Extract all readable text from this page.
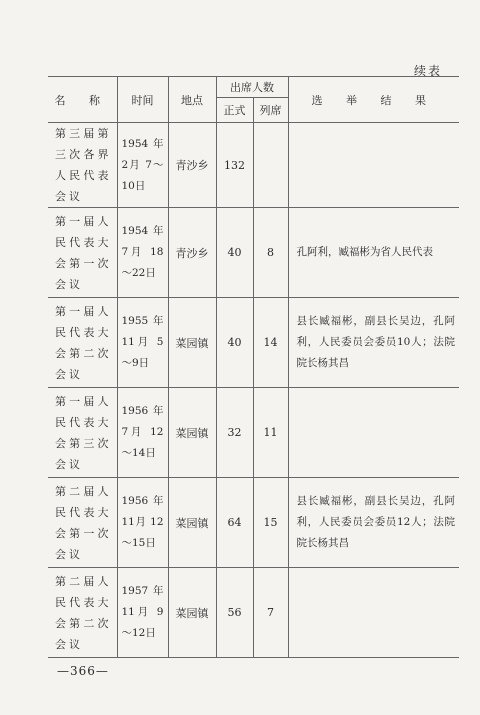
续表
名 称	时间	地点	出席人数		选 举 结 果
			正式	列席	
第三届第三次各界人民代表会议	1954 年 2月 7～10日	青沙乡	132		
第一届人民代表大会第一次会议	1954 年 7月 18～22日	青沙乡	40	8	孔阿利，臧福彬为省人民代表
第一届人民代表大会第二次会议	1955 年 11月 5～9日	菜园镇	40	14	县长臧福彬，副县长吴边，孔阿利，人民委员会委员10人；法院院长杨其昌
第一届人民代表大会第三次会议	1956 年 7月 12～14日	菜园镇	32	11	
第二届人民代表大会第一次会议	1956 年 11月 12～15日	菜园镇	64	15	县长臧福彬，副县长吴边，孔阿利，人民委员会委员12人；法院院长杨其昌
第二届人民代表大会第二次会议	1957 年 11月 9～12日	菜园镇	56	7	
—366—
